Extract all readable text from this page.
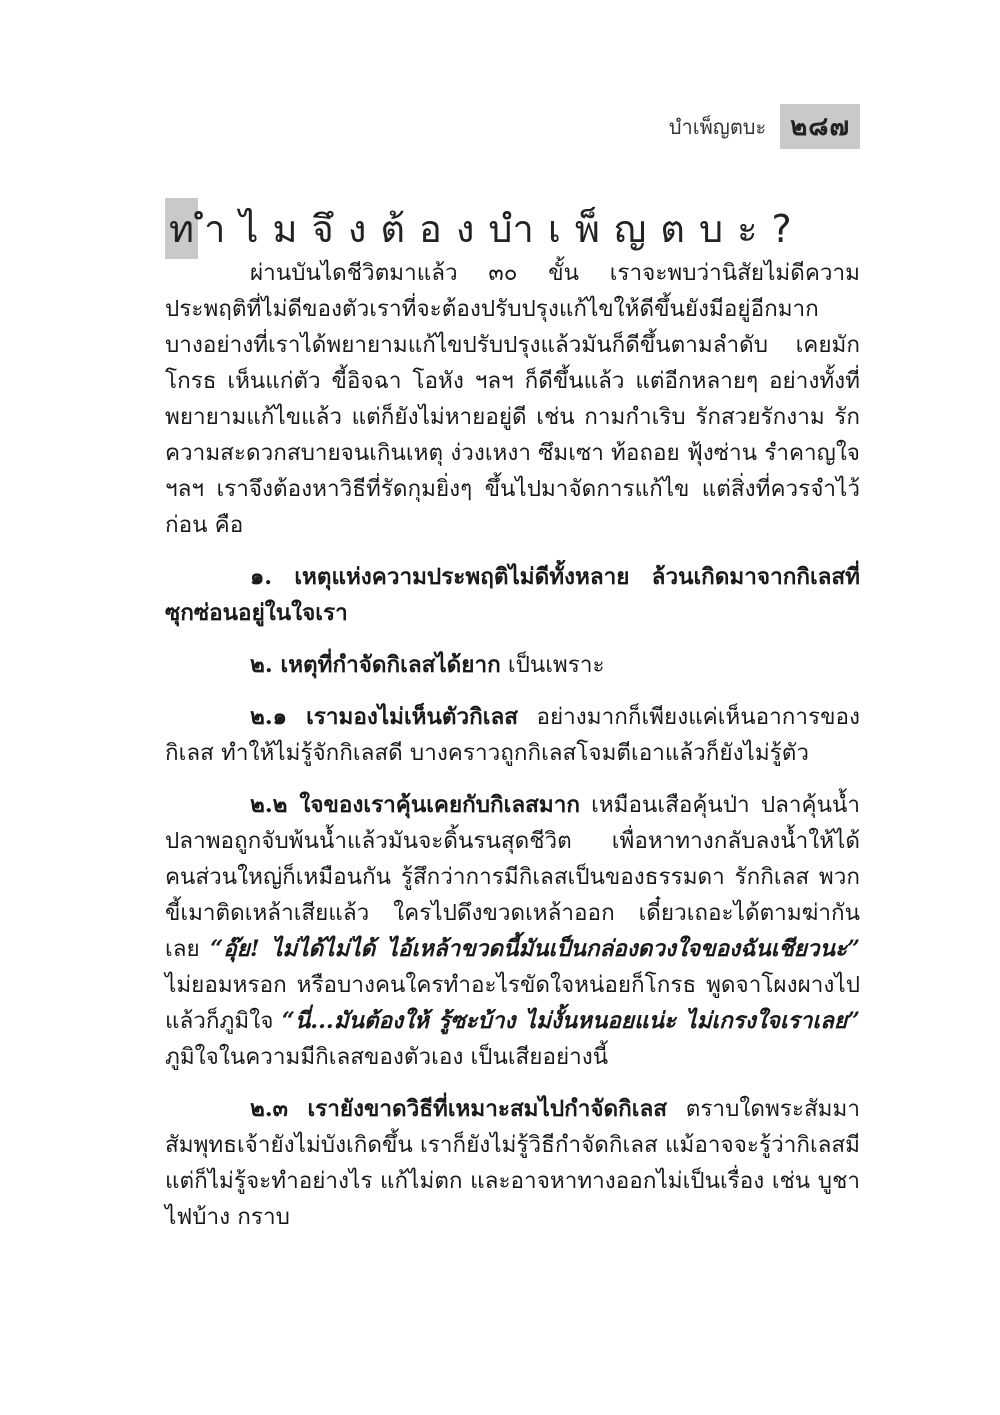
บำเพ็ญตบะ ๒๘๗
ท ำไมจึงต้องบำเพ็ญตบะ?

ผ่านบันไดชีวิตมาแล้ว ๓๐ ขั้น เราจะพบว่านิสัยไม่ดีความประพฤติที่ไม่ดีของตัวเราที่จะต้องปรับปรุงแก้ไขให้ดีขึ้นยังมีอยู่อีกมาก บางอย่างที่เราได้พยายามแก้ไขปรับปรุงแล้วมันก็ดีขึ้นตามลำดับ เคยมักโกรธ เห็นแก่ตัว ขี้อิจฉา โอหัง ฯลฯ ก็ดีขึ้นแล้ว แต่อีกหลายๆ อย่างทั้งที่พยายามแก้ไขแล้ว แต่ก็ยังไม่หายอยู่ดี เช่น กามกำเริบ รักสวยรักงาม รักความสะดวกสบายจนเกินเหตุ ง่วงเหงา ซึมเซา ท้อถอย ฟุ้งซ่าน รำคาญใจ ฯลฯ เราจึงต้องหาวิธีที่รัดกุมยิ่งๆ ขึ้นไปมาจัดการแก้ไข แต่สิ่งที่ควรจำไว้ก่อน คือ

๑. เหตุแห่งความประพฤติไม่ดีทั้งหลาย ล้วนเกิดมาจากกิเลสที่ซุกซ่อนอยู่ในใจเรา

๒. เหตุที่กำจัดกิเลสได้ยาก เป็นเพราะ

๒.๑ เรามองไม่เห็นตัวกิเลส อย่างมากก็เพียงแค่เห็นอาการของกิเลส ทำให้ไม่รู้จักกิเลสดี บางคราวถูกกิเลสโจมตีเอาแล้วก็ยังไม่รู้ตัว

๒.๒ ใจของเราคุ้นเคยกับกิเลสมาก เหมือนเสือคุ้นป่า ปลาคุ้นน้ำ ปลาพอถูกจับพ้นน้ำแล้วมันจะดิ้นรนสุดชีวิต เพื่อหาทางกลับลงน้ำให้ได้ คนส่วนใหญ่ก็เหมือนกัน รู้สึกว่าการมีกิเลสเป็นของธรรมดา รักกิเลส พวกขี้เมาติดเหล้าเสียแล้ว ใครไปดึงขวดเหล้าออก เดี๋ยวเถอะได้ตามฆ่ากันเลย “อุ๊ย! ไม่ได้ไม่ได้ ไอ้เหล้าขวดนี้มันเป็นกล่องดวงใจของฉันเชียวนะ” ไม่ยอมหรอก หรือบางคนใครทำอะไรขัดใจหน่อยก็โกรธ พูดจาโผงผางไปแล้วก็ภูมิใจ “นี่...มันต้องให้ รู้ซะบ้าง ไม่งั้นหนอยแน่ะ ไม่เกรงใจเราเลย” ภูมิใจในความมีกิเลสของตัวเอง เป็นเสียอย่างนี้

๒.๓ เรายังขาดวิธีที่เหมาะสมไปกำจัดกิเลส ตราบใดพระสัมมาสัมพุทธเจ้ายังไม่บังเกิดขึ้น เราก็ยังไม่รู้วิธีกำจัดกิเลส แม้อาจจะรู้ว่ากิเลสมี แต่ก็ไม่รู้จะทำอย่างไร แก้ไม่ตก และอาจหาทางออกไม่เป็นเรื่อง เช่น บูชาไฟบ้าง กราบ
